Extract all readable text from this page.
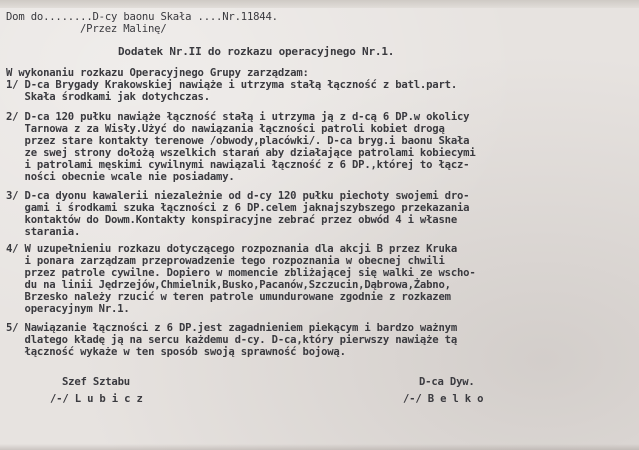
Dom do........D-cy baonu Skała ....Nr.11844.
/Przez Malinę/
Dodatek Nr.II do rozkazu operacyjnego Nr.1.
W wykonaniu rozkazu Operacyjnego Grupy zarządzam:
1/ D-ca Brygady Krakowskiej nawiąże i utrzyma stałą łączność z batl.part.
Skała środkami jak dotychczas.
2/ D-ca 120 pułku nawiąże łączność stałą i utrzyma ją z d-cą 6 DP.w okolicy
Tarnowa z za Wisły.Użyć do nawiązania łączności patroli kobiet drogą
przez stare kontakty terenowe /obwody,placówki/. D-ca bryg.i baonu Skała
ze swej strony dołożą wszelkich starań aby działające patrolami kobiecymi
i patrolami męskimi cywilnymi nawiązali łączność z 6 DP.,której to łącz-
ności obecnie wcale nie posiadamy.
3/ D-ca dyonu kawalerii niezależnie od d-cy 120 pułku piechoty swojemi dro-
gami i środkami szuka łączności z 6 DP.celem jaknajszybszego przekazania
kontaktów do Dowm.Kontakty konspiracyjne zebrać przez obwód 4 i własne
starania.
4/ W uzupełnieniu rozkazu dotyczącego rozpoznania dla akcji B przez Kruka
i ponara zarządzam przeprowadzenie tego rozpoznania w obecnej chwili
przez patrole cywilne. Dopiero w momencie zbliżającej się walki ze wscho-
du na linii Jędrzejów,Chmielnik,Busko,Pacanów,Szczucin,Dąbrowa,Żabno,
Brzesko należy rzucić w teren patrole umundurowane zgodnie z rozkazem
operacyjnym Nr.1.
5/ Nawiązanie łączności z 6 DP.jest zagadnieniem piekącym i bardzo ważnym
dlatego kładę ją na sercu każdemu d-cy. D-ca,który pierwszy nawiąże tą
łączność wykaże w ten sposób swoją sprawność bojową.
Szef Sztabu
/-/ L u b i c z
D-ca Dyw.
/-/ B e l k o
